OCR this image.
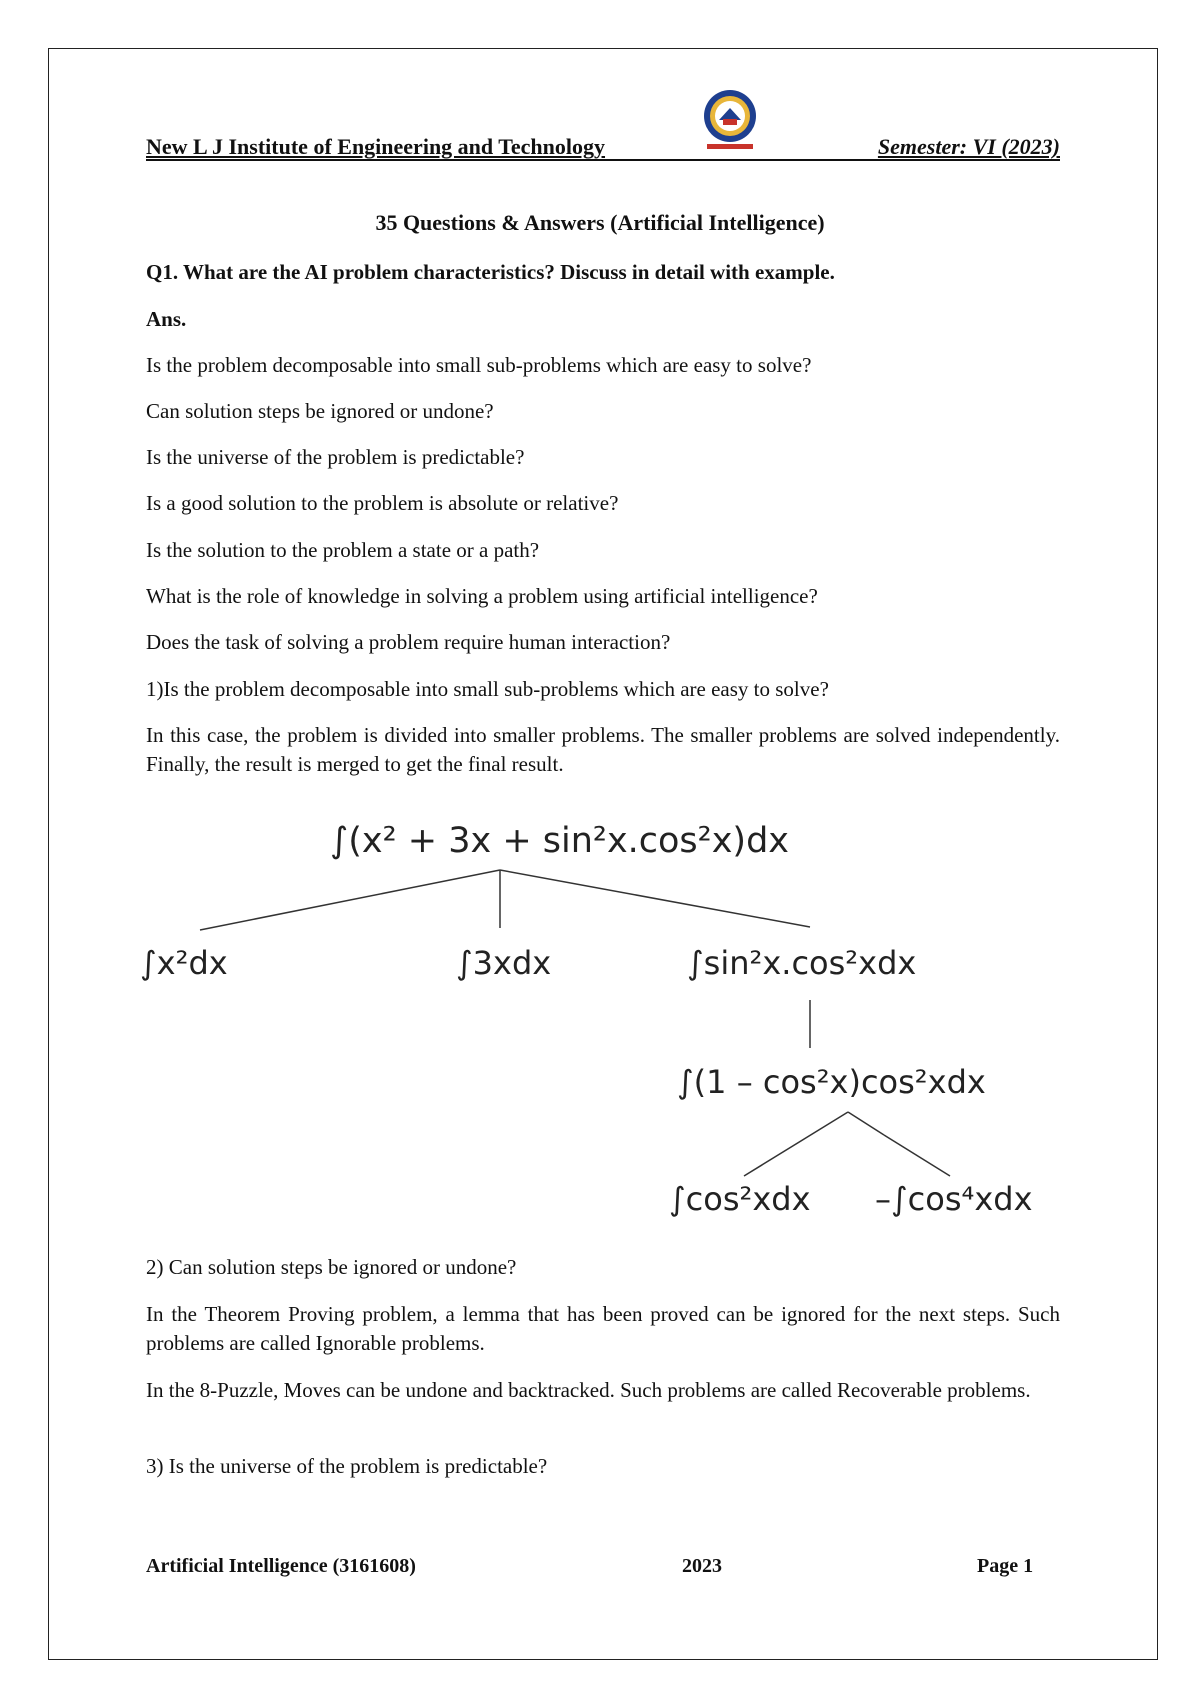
New L J Institute of Engineering and Technology	Semester: VI (2023)
35 Questions & Answers (Artificial Intelligence)
Q1. What are the AI problem characteristics? Discuss in detail with example.
Ans.
Is the problem decomposable into small sub-problems which are easy to solve?
Can solution steps be ignored or undone?
Is the universe of the problem is predictable?
Is a good solution to the problem is absolute or relative?
Is the solution to the problem a state or a path?
What is the role of knowledge in solving a problem using artificial intelligence?
Does the task of solving a problem require human interaction?
1)Is the problem decomposable into small sub-problems which are easy to solve?
In this case, the problem is divided into smaller problems. The smaller problems are solved independently. Finally, the result is merged to get the final result.
∫(x² + 3x + sin²x.cos²x)dx
∫x²dx	∫3xdx	∫sin²x.cos²xdx
∫(1 – cos²x)cos²xdx
∫cos²xdx –∫cos⁴xdx
2) Can solution steps be ignored or undone?
In the Theorem Proving problem, a lemma that has been proved can be ignored for the next steps. Such problems are called Ignorable problems.
In the 8-Puzzle, Moves can be undone and backtracked. Such problems are called Recoverable problems.
3) Is the universe of the problem is predictable?
Artificial Intelligence (3161608)	2023	Page 1
